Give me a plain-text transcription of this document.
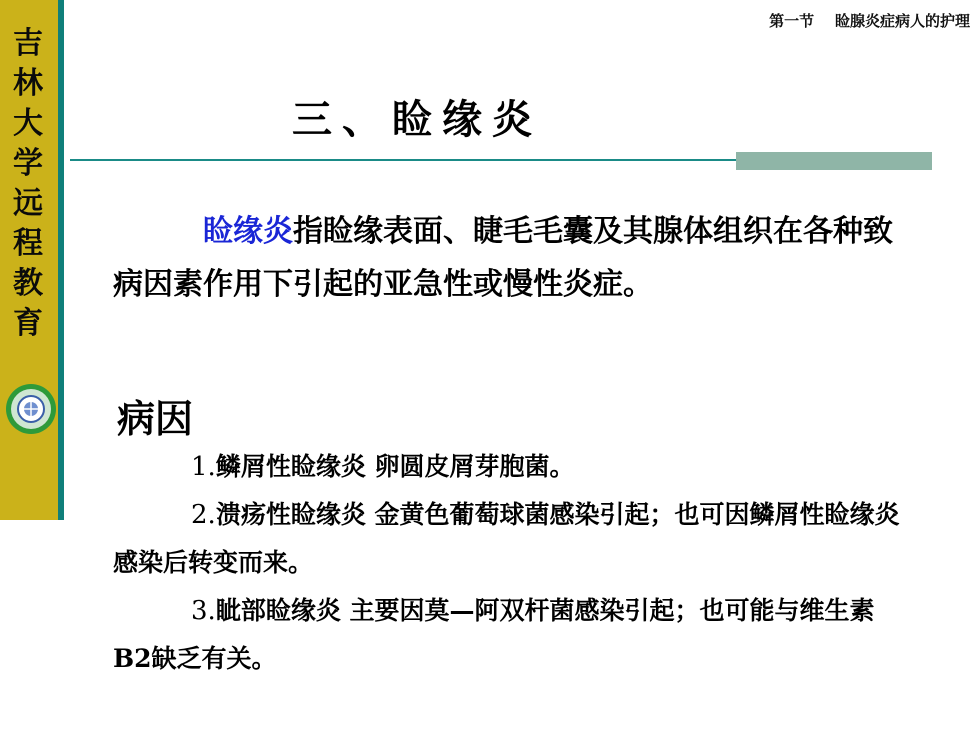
吉林大学远程教育
第一节    睑腺炎症病人的护理
三、睑缘炎
睑缘炎指睑缘表面、睫毛毛囊及其腺体组织在各种致病因素作用下引起的亚急性或慢性炎症。
病因
1.鳞屑性睑缘炎 卵圆皮屑芽胞菌。
2.溃疡性睑缘炎 金黄色葡萄球菌感染引起；也可因鳞屑性睑缘炎感染后转变而来。
3.眦部睑缘炎 主要因莫—阿双杆菌感染引起；也可能与维生素B2缺乏有关。
